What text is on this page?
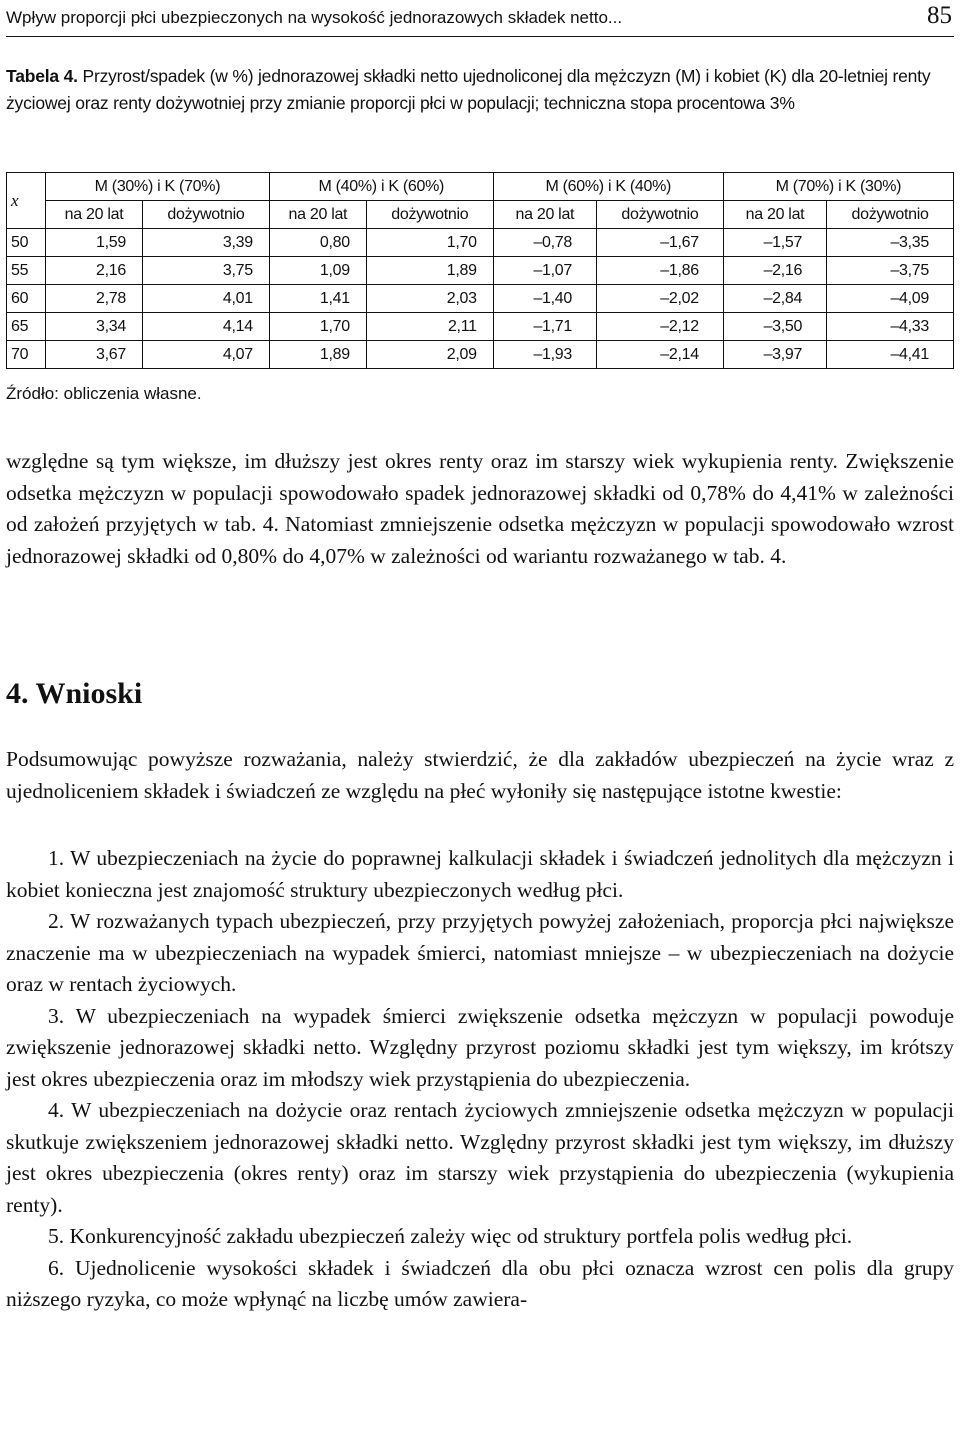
Wpływ proporcji płci ubezpieczonych na wysokość jednorazowych składek netto...	85
Tabela 4. Przyrost/spadek (w %) jednorazowej składki netto ujednoliconej dla mężczyzn (M) i kobiet (K) dla 20-letniej renty życiowej oraz renty dożywotniej przy zmianie proporcji płci w populacji; techniczna stopa procentowa 3%
x	M (30%) i K (70%)		M (40%) i K (60%)		M (60%) i K (40%)		M (70%) i K (30%)	
	na 20 lat	dożywotnio	na 20 lat	dożywotnio	na 20 lat	dożywotnio	na 20 lat	dożywotnio
50	1,59	3,39	0,80	1,70	–0,78	–1,67	–1,57	–3,35
55	2,16	3,75	1,09	1,89	–1,07	–1,86	–2,16	–3,75
60	2,78	4,01	1,41	2,03	–1,40	–2,02	–2,84	–4,09
65	3,34	4,14	1,70	2,11	–1,71	–2,12	–3,50	–4,33
70	3,67	4,07	1,89	2,09	–1,93	–2,14	–3,97	–4,41
Źródło: obliczenia własne.

względne są tym większe, im dłuższy jest okres renty oraz im starszy wiek wykupienia renty. Zwiększenie odsetka mężczyzn w populacji spowodowało spadek jednorazowej składki od 0,78% do 4,41% w zależności od założeń przyjętych w tab. 4. Natomiast zmniejszenie odsetka mężczyzn w populacji spowodowało wzrost jednorazowej składki od 0,80% do 4,07% w zależności od wariantu rozważanego w tab. 4.

4. Wnioski

Podsumowując powyższe rozważania, należy stwierdzić, że dla zakładów ubezpieczeń na życie wraz z ujednoliceniem składek i świadczeń ze względu na płeć wyłoniły się następujące istotne kwestie:

1. W ubezpieczeniach na życie do poprawnej kalkulacji składek i świadczeń jednolitych dla mężczyzn i kobiet konieczna jest znajomość struktury ubezpieczonych według płci.

2. W rozważanych typach ubezpieczeń, przy przyjętych powyżej założeniach, proporcja płci największe znaczenie ma w ubezpieczeniach na wypadek śmierci, natomiast mniejsze – w ubezpieczeniach na dożycie oraz w rentach życiowych.

3. W ubezpieczeniach na wypadek śmierci zwiększenie odsetka mężczyzn w populacji powoduje zwiększenie jednorazowej składki netto. Względny przyrost poziomu składki jest tym większy, im krótszy jest okres ubezpieczenia oraz im młodszy wiek przystąpienia do ubezpieczenia.

4. W ubezpieczeniach na dożycie oraz rentach życiowych zmniejszenie odsetka mężczyzn w populacji skutkuje zwiększeniem jednorazowej składki netto. Względny przyrost składki jest tym większy, im dłuższy jest okres ubezpieczenia (okres renty) oraz im starszy wiek przystąpienia do ubezpieczenia (wykupienia renty).

5. Konkurencyjność zakładu ubezpieczeń zależy więc od struktury portfela polis według płci.

6. Ujednolicenie wysokości składek i świadczeń dla obu płci oznacza wzrost cen polis dla grupy niższego ryzyka, co może wpłynąć na liczbę umów zawiera-
